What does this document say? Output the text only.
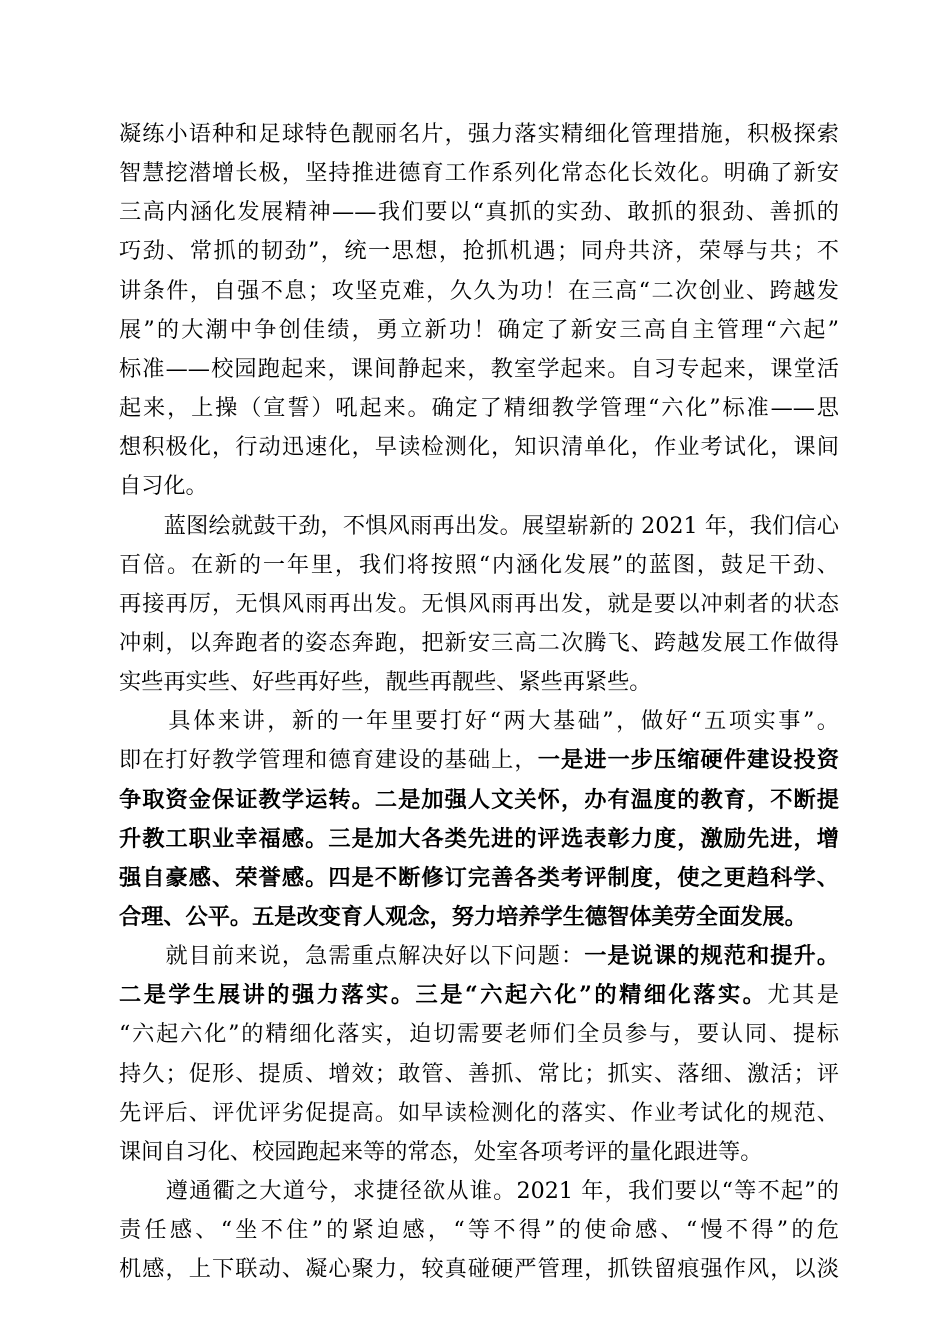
凝练小语种和足球特色靓丽名片，强力落实精细化管理措施，积极探索
智慧挖潜增长极，坚持推进德育工作系列化常态化长效化。明确了新安
三高内涵化发展精神——我们要以“真抓的实劲、敢抓的狠劲、善抓的
巧劲、常抓的韧劲”，统一思想，抢抓机遇；同舟共济，荣辱与共；不
讲条件，自强不息；攻坚克难，久久为功！在三高“二次创业、跨越发
展”的大潮中争创佳绩，勇立新功！确定了新安三高自主管理“六起”
标准——校园跑起来，课间静起来，教室学起来。自习专起来，课堂活
起来，上操（宣誓）吼起来。确定了精细教学管理“六化”标准——思
想积极化，行动迅速化，早读检测化，知识清单化，作业考试化，课间
自习化。
　　蓝图绘就鼓干劲，不惧风雨再出发。展望崭新的 2021 年，我们信心
百倍。在新的一年里，我们将按照“内涵化发展”的蓝图，鼓足干劲、
再接再厉，无惧风雨再出发。无惧风雨再出发，就是要以冲刺者的状态
冲刺，以奔跑者的姿态奔跑，把新安三高二次腾飞、跨越发展工作做得
实些再实些、好些再好些，靓些再靓些、紧些再紧些。
　　具体来讲，新的一年里要打好“两大基础”，做好“五项实事”。
即在打好教学管理和德育建设的基础上，一是进一步压缩硬件建设投资
争取资金保证教学运转。二是加强人文关怀，办有温度的教育，不断提
升教工职业幸福感。三是加大各类先进的评选表彰力度，激励先进，增
强自豪感、荣誉感。四是不断修订完善各类考评制度，使之更趋科学、
合理、公平。五是改变育人观念，努力培养学生德智体美劳全面发展。
　　就目前来说，急需重点解决好以下问题：一是说课的规范和提升。
二是学生展讲的强力落实。三是“六起六化”的精细化落实。尤其是
“六起六化”的精细化落实，迫切需要老师们全员参与，要认同、提标
持久；促形、提质、增效；敢管、善抓、常比；抓实、落细、激活；评
先评后、评优评劣促提高。如早读检测化的落实、作业考试化的规范、
课间自习化、校园跑起来等的常态，处室各项考评的量化跟进等。
　　遵通衢之大道兮，求捷径欲从谁。2021 年，我们要以“等不起”的
责任感、“坐不住”的紧迫感，“等不得”的使命感、“慢不得”的危
机感，上下联动、凝心聚力，较真碰硬严管理，抓铁留痕强作风，以淡
